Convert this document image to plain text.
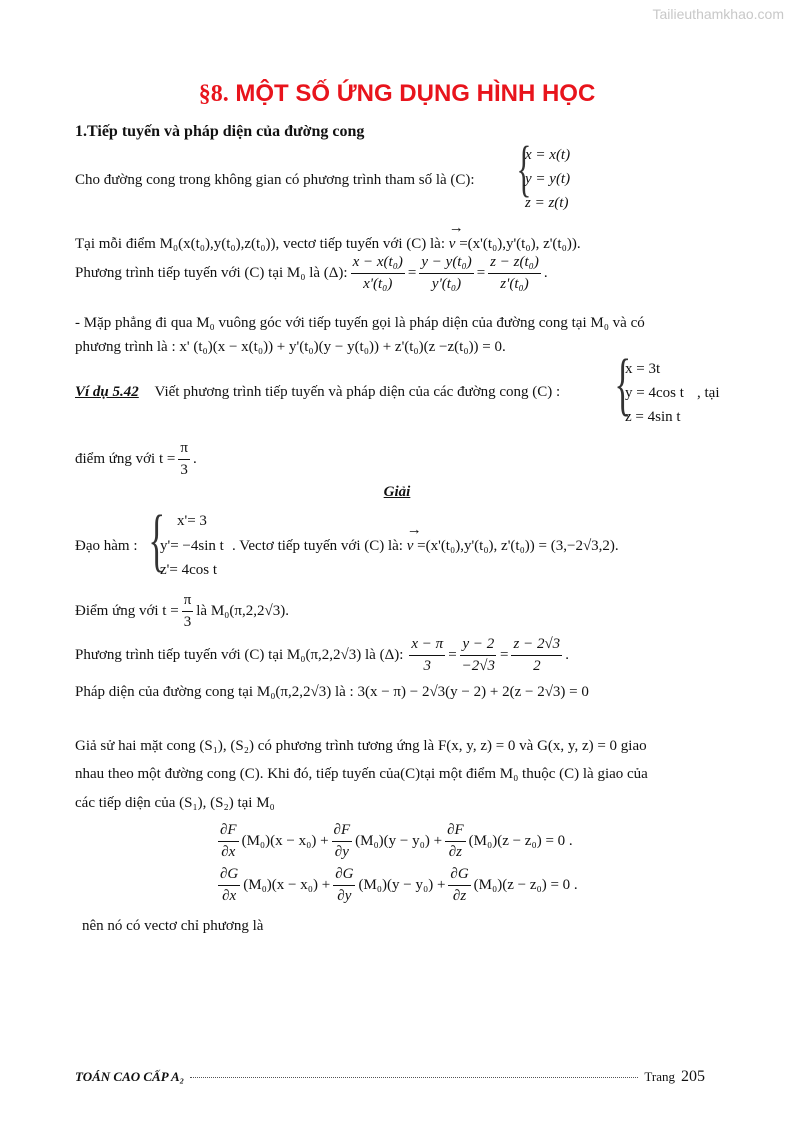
Tailieuthamkhao.com
§8. MỘT SỐ ỨNG DỤNG HÌNH HỌC
1.Tiếp tuyến và pháp diện của đường cong
Cho đường cong trong không gian có phương trình tham số là (C): {
x = x(t)
y = y(t)
z = z(t)
Tại mỗi điểm M₀(x(t₀),y(t₀),z(t₀)), vectơ tiếp tuyến với (C) là: → v =(x'(t₀),y'(t₀), z'(t₀)).
Phương trình tiếp tuyến với (C) tại M₀ là (Δ): $\frac{\text{x − x(t₀)}}{\text{x'(t₀)}} = \frac{\text{y − y(t₀)}}{\text{y'(t₀)}} = \frac{\text{z − z(t₀)}}{\text{z'(t₀)}}$ .
- Mặp phẳng đi qua M₀ vuông góc với tiếp tuyến gọi là pháp diện của đường cong tại M₀ và có
phương trình là : x' (t₀)(x − x(t₀)) + y'(t₀)(y − y(t₀)) + z'(t₀)(z −z(t₀)) = 0.
Ví dụ 5.42 Viết phương trình tiếp tuyến và pháp diện của các đường cong (C) : {
x = 3t
y = 4cos t
z = 4sin t
, tại
điểm ứng với $t = \frac{\pi}{3}$ .
Giải
Đạo hàm : { x'= 3
y'= −4sin t
z'= 4cos t
. Vectơ tiếp tuyến với (C) là: → v =(x'(t₀),y'(t₀), z'(t₀)) = (3,−2√3,2).
Điểm ứng với $t = \frac{\pi}{3}$ là M₀(π,2,2√3).
Phương trình tiếp tuyến với (C) tại M₀(π,2,2√3) là (Δ): $\frac{x - \pi}{3} = \frac{y - 2}{-2√3} = \frac{z - 2√3}{2}$ .
Pháp diện của đường cong tại M₀(π,2,2√3) là : 3(x − π) − 2√3(y − 2) + 2(z − 2√3) = 0
Giả sử hai mặt cong (S₁), (S₂) có phương trình tương ứng là F(x, y, z) = 0 và G(x, y, z) = 0 giao
nhau theo một đường cong (C). Khi đó, tiếp tuyến của(C)tại một điểm M₀ thuộc (C) là giao của
các tiếp diện của (S₁), (S₂) tại M₀
$\frac{\partial F}{\partial x} (M_0)(x - x_0) + \frac{\partial F}{\partial y} (M_0)(y - y_0) + \frac{\partial F}{\partial z} (M_0)(z - z_0) = 0$ .
$\frac{\partial G}{\partial x} (M_0)(x - x_0) + \frac{\partial G}{\partial y} (M_0)(y - y_0) + \frac{\partial G}{\partial z} (M_0)(z - z_0) = 0$ .
nên nó có vectơ chỉ phương là
TOÁN CAO CẤP A₂	Trang 205
